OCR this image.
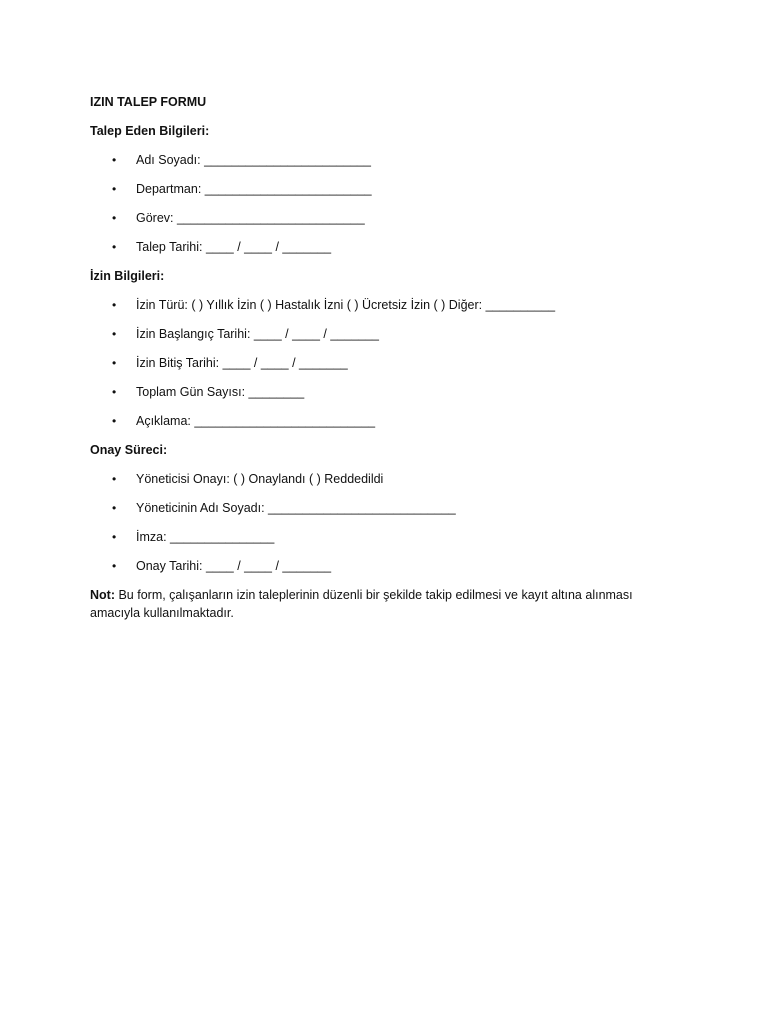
IZIN TALEP FORMU
Talep Eden Bilgileri:
• Adı Soyadı: ________________________
• Departman: ________________________
• Görev: ___________________________
• Talep Tarihi: ____ / ____ / _______
İzin Bilgileri:
• İzin Türü: ( ) Yıllık İzin ( ) Hastalık İzni ( ) Ücretsiz İzin ( ) Diğer: __________
• İzin Başlangıç Tarihi: ____ / ____ / _______
• İzin Bitiş Tarihi: ____ / ____ / _______
• Toplam Gün Sayısı: ________
• Açıklama: __________________________
Onay Süreci:
• Yöneticisi Onayı: ( ) Onaylandı ( ) Reddedildi
• Yöneticinin Adı Soyadı: ___________________________
• İmza: _______________
• Onay Tarihi: ____ / ____ / _______
Not: Bu form, çalışanların izin taleplerinin düzenli bir şekilde takip edilmesi ve kayıt altına alınması amacıyla kullanılmaktadır.
